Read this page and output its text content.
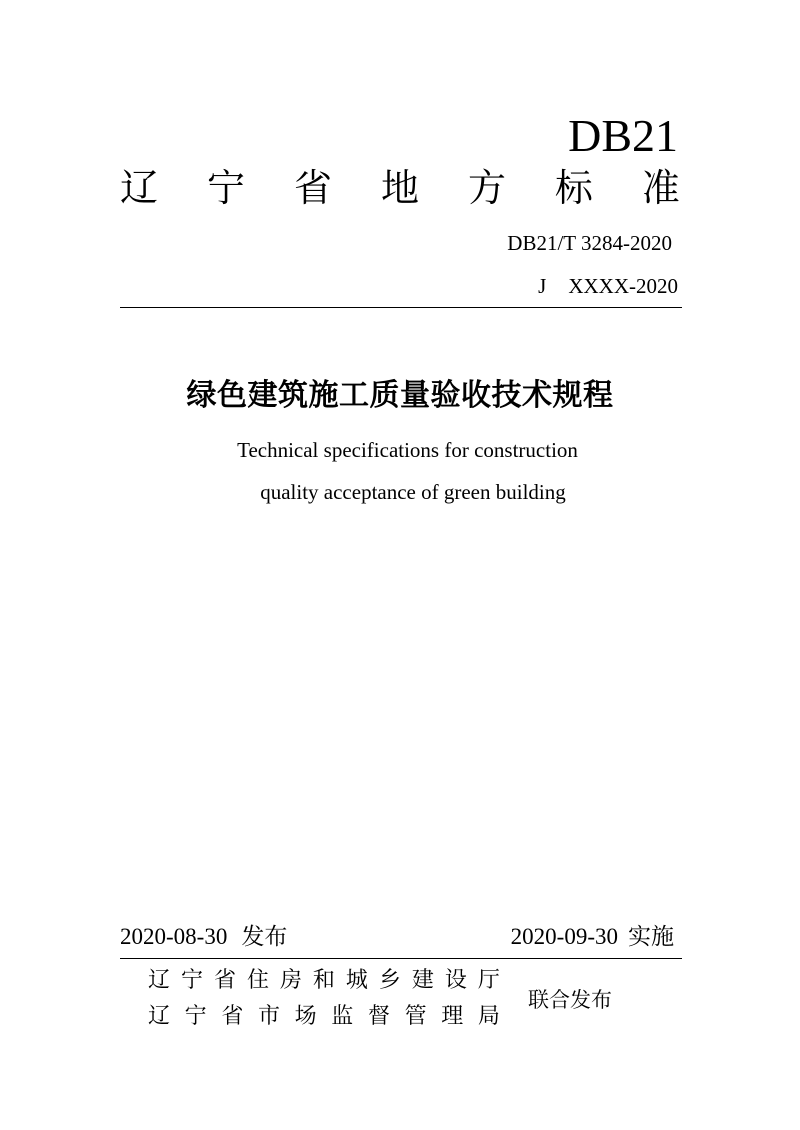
DB21
辽 宁 省 地 方 标 准
DB21/T 3284-2020
J XXXX-2020
绿色建筑施工质量验收技术规程
Technical specifications for construction
quality acceptance of green building
2020-08-30 发布	2020-09-30 实施
辽 宁 省 住 房 和 城 乡 建 设 厅
辽 宁 省 市 场 监 督 管 理 局
联合发布
